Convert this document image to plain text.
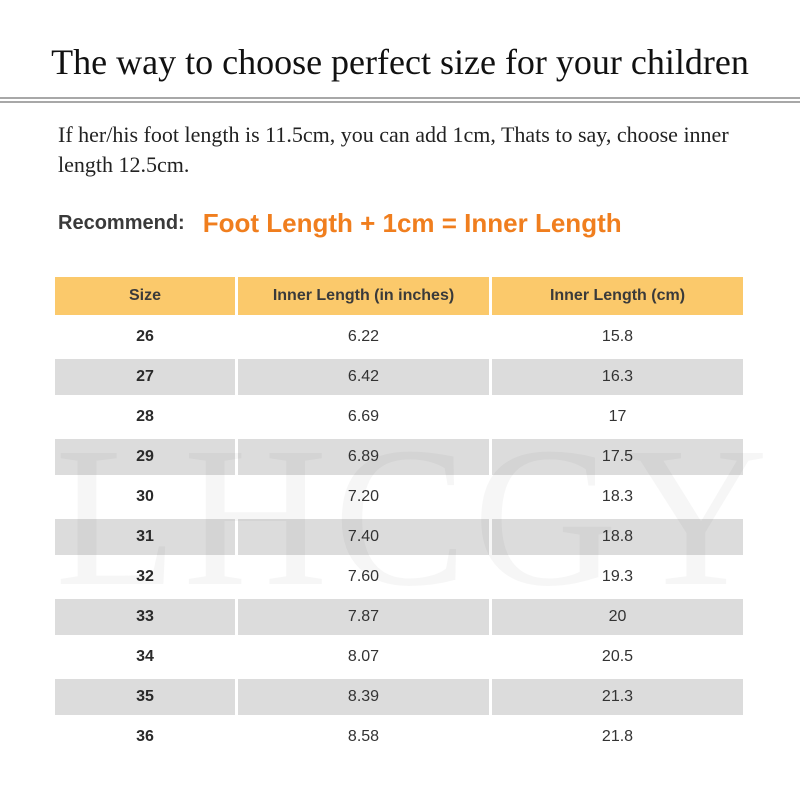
The way to choose perfect size for your children
If her/his foot length is 11.5cm, you can add 1cm, Thats to say, choose inner length 12.5cm.
Recommend: Foot Length + 1cm = Inner Length
Size	Inner Length (in inches)	Inner Length (cm)
26	6.22	15.8
27	6.42	16.3
28	6.69	17
29	6.89	17.5
30	7.20	18.3
31	7.40	18.8
32	7.60	19.3
33	7.87	20
34	8.07	20.5
35	8.39	21.3
36	8.58	21.8
